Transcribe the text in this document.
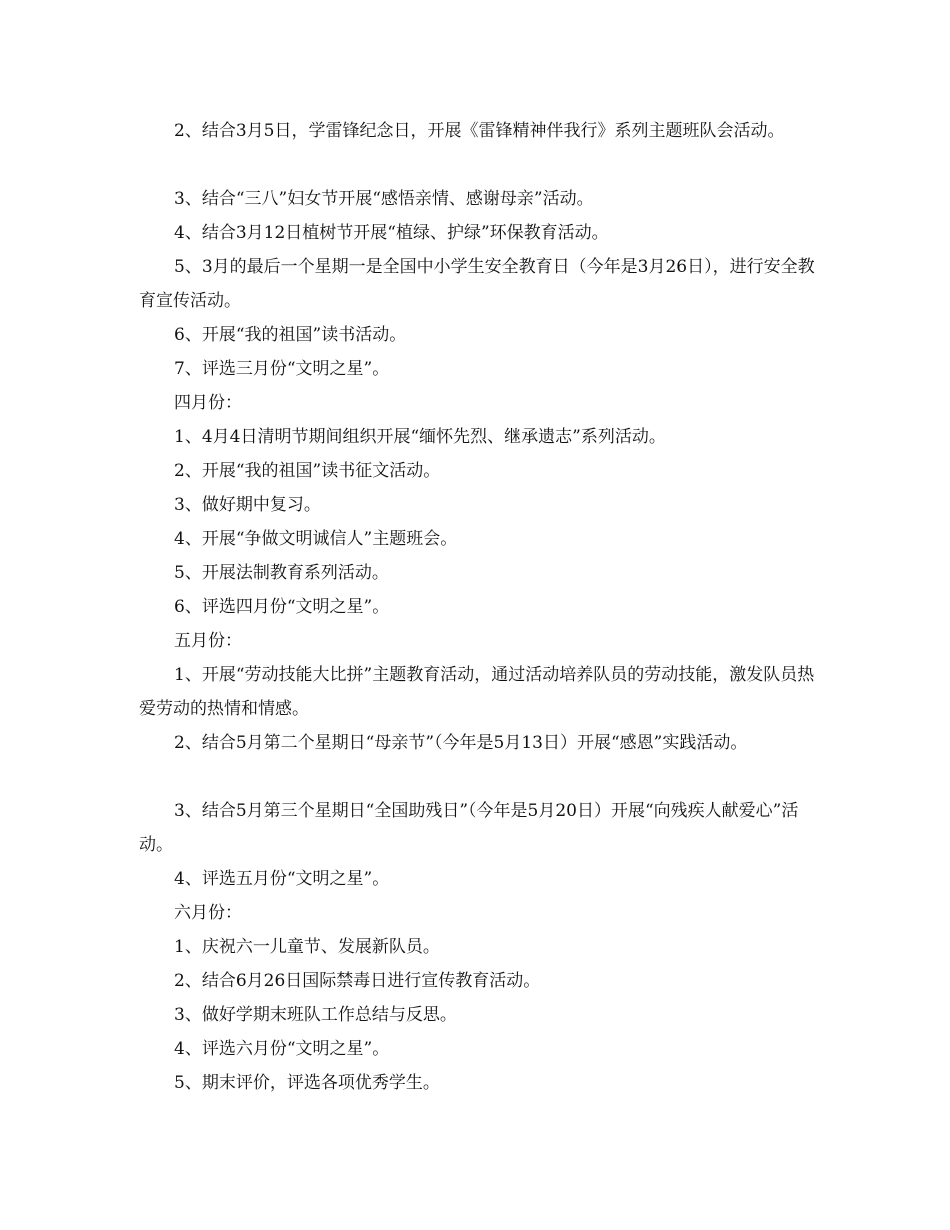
2、结合3月5日，学雷锋纪念日，开展《雷锋精神伴我行》系列主题班队会活动。

3、结合“三八”妇女节开展“感悟亲情、感谢母亲”活动。

4、结合3月12日植树节开展“植绿、护绿”环保教育活动。

5、3月的最后一个星期一是全国中小学生安全教育日（今年是3月26日），进行安全教育宣传活动。

6、开展“我的祖国”读书活动。

7、评选三月份“文明之星”。

四月份：

1、4月4日清明节期间组织开展“缅怀先烈、继承遗志”系列活动。

2、开展“我的祖国”读书征文活动。

3、做好期中复习。

4、开展“争做文明诚信人”主题班会。

5、开展法制教育系列活动。

6、评选四月份“文明之星”。

五月份：

1、开展“劳动技能大比拼”主题教育活动，通过活动培养队员的劳动技能，激发队员热爱劳动的热情和情感。

2、结合5月第二个星期日“母亲节”（今年是5月13日）开展“感恩”实践活动。

3、结合5月第三个星期日“全国助残日”（今年是5月20日）开展“向残疾人献爱心”活动。

4、评选五月份“文明之星”。

六月份：

1、庆祝六一儿童节、发展新队员。

2、结合6月26日国际禁毒日进行宣传教育活动。

3、做好学期末班队工作总结与反思。

4、评选六月份“文明之星”。

5、期末评价，评选各项优秀学生。
